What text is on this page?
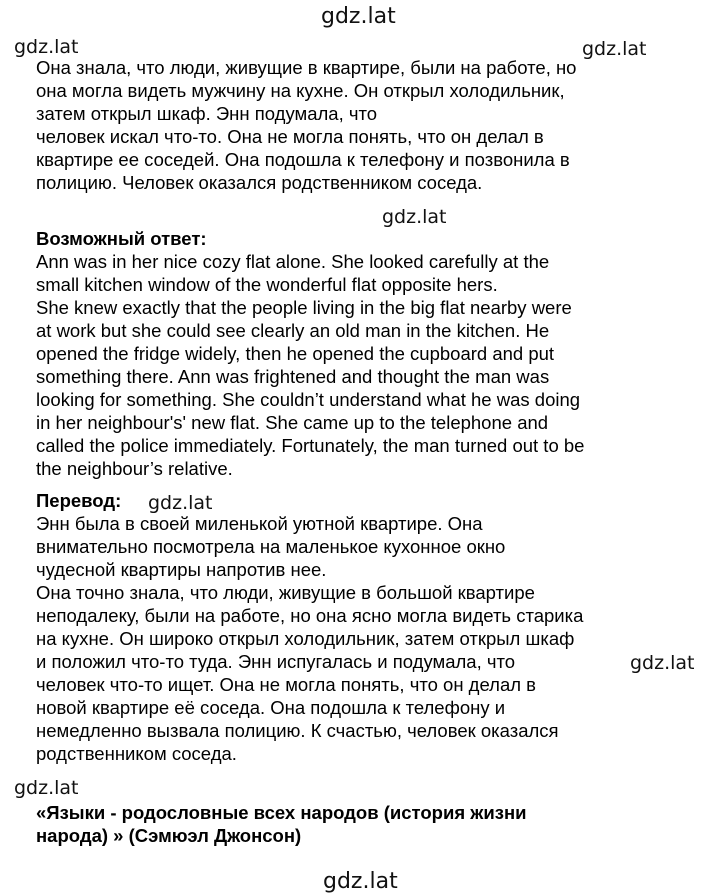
gdz.lat
gdz.lat	gdz.lat
gdz.lat
gdz.lat
gdz.lat
gdz.lat
gdz.lat
Она знала, что люди, живущие в квартире, были на работе, но
она могла видеть мужчину на кухне. Он открыл холодильник,
затем открыл шкаф. Энн подумала, что
человек искал что-то. Она не могла понять, что он делал в
квартире ее соседей. Она подошла к телефону и позвонила в
полицию. Человек оказался родственником соседа.
Возможный ответ:
Ann was in her nice cozy flat alone. She looked carefully at the
small kitchen window of the wonderful flat opposite hers.
She knew exactly that the people living in the big flat nearby were
at work but she could see clearly an old man in the kitchen. He
opened the fridge widely, then he opened the cupboard and put
something there. Ann was frightened and thought the man was
looking for something. She couldn’t understand what he was doing
in her neighbour's' new flat. She came up to the telephone and
called the police immediately. Fortunately, the man turned out to be
the neighbour’s relative.
Перевод:
Энн была в своей миленькой уютной квартире. Она
внимательно посмотрела на маленькое кухонное окно
чудесной квартиры напротив нее.
Она точно знала, что люди, живущие в большой квартире
неподалеку, были на работе, но она ясно могла видеть старика
на кухне. Он широко открыл холодильник, затем открыл шкаф
и положил что-то туда. Энн испугалась и подумала, что
человек что-то ищет. Она не могла понять, что он делал в
новой квартире её соседа. Она подошла к телефону и
немедленно вызвала полицию. К счастью, человек оказался
родственником соседа.
«Языки - родословные всех народов (история жизни
народа) » (Сэмюэл Джонсон)
